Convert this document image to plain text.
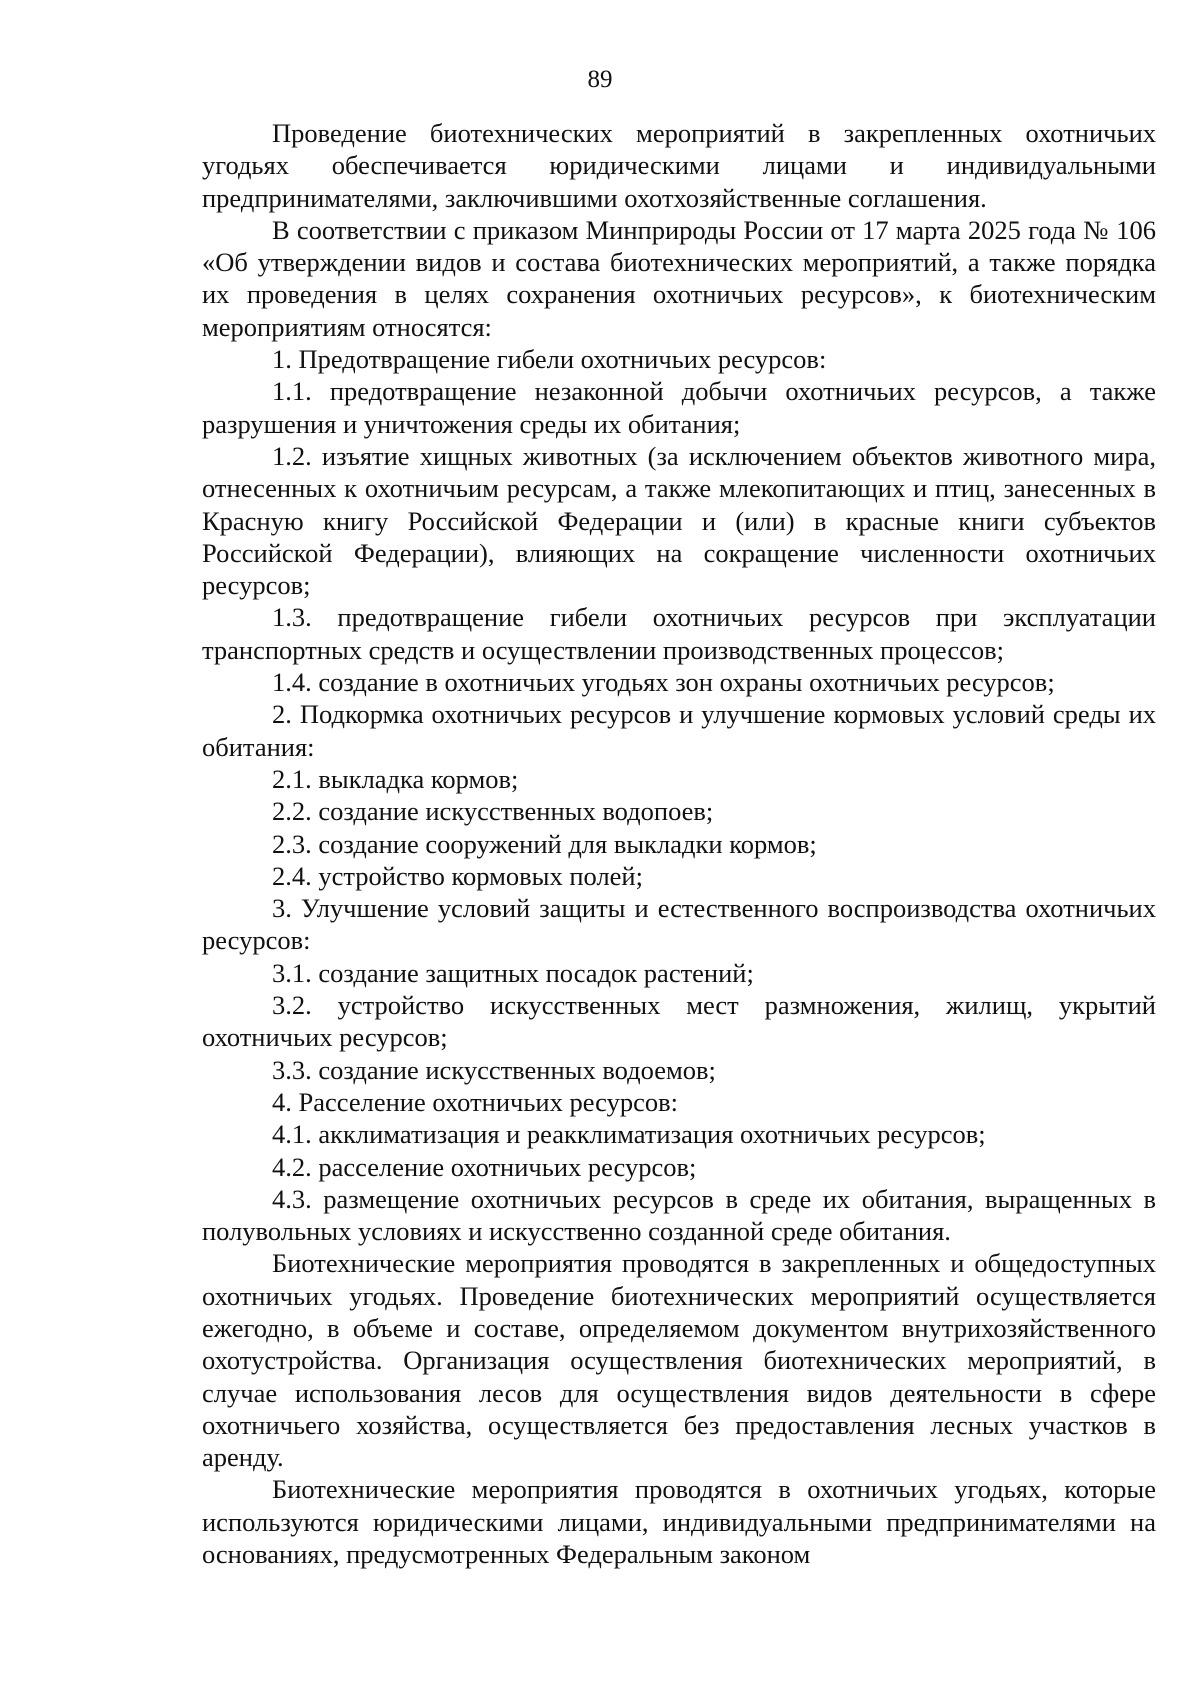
89

Проведение биотехнических мероприятий в закрепленных охотничьих угодьях обеспечивается юридическими лицами и индивидуальными предпринимателями, заключившими охотхозяйственные соглашения.

В соответствии с приказом Минприроды России от 17 марта 2025 года № 106 «Об утверждении видов и состава биотехнических мероприятий, а также порядка их проведения в целях сохранения охотничьих ресурсов», к биотехническим мероприятиям относятся:

1. Предотвращение гибели охотничьих ресурсов:

1.1. предотвращение незаконной добычи охотничьих ресурсов, а также разрушения и уничтожения среды их обитания;

1.2. изъятие хищных животных (за исключением объектов животного мира, отнесенных к охотничьим ресурсам, а также млекопитающих и птиц, занесенных в Красную книгу Российской Федерации и (или) в красные книги субъектов Российской Федерации), влияющих на сокращение численности охотничьих ресурсов;

1.3. предотвращение гибели охотничьих ресурсов при эксплуатации транспортных средств и осуществлении производственных процессов;

1.4. создание в охотничьих угодьях зон охраны охотничьих ресурсов;

2. Подкормка охотничьих ресурсов и улучшение кормовых условий среды их обитания:

2.1. выкладка кормов;

2.2. создание искусственных водопоев;

2.3. создание сооружений для выкладки кормов;

2.4. устройство кормовых полей;

3. Улучшение условий защиты и естественного воспроизводства охотничьих ресурсов:

3.1. создание защитных посадок растений;

3.2. устройство искусственных мест размножения, жилищ, укрытий охотничьих ресурсов;

3.3. создание искусственных водоемов;

4. Расселение охотничьих ресурсов:

4.1. акклиматизация и реакклиматизация охотничьих ресурсов;

4.2. расселение охотничьих ресурсов;

4.3. размещение охотничьих ресурсов в среде их обитания, выращенных в полувольных условиях и искусственно созданной среде обитания.

Биотехнические мероприятия проводятся в закрепленных и общедоступных охотничьих угодьях. Проведение биотехнических мероприятий осуществляется ежегодно, в объеме и составе, определяемом документом внутрихозяйственного охотустройства. Организация осуществления биотехнических мероприятий, в случае использования лесов для осуществления видов деятельности в сфере охотничьего хозяйства, осуществляется без предоставления лесных участков в аренду.

Биотехнические мероприятия проводятся в охотничьих угодьях, которые используются юридическими лицами, индивидуальными предпринимателями на основаниях, предусмотренных Федеральным законом
